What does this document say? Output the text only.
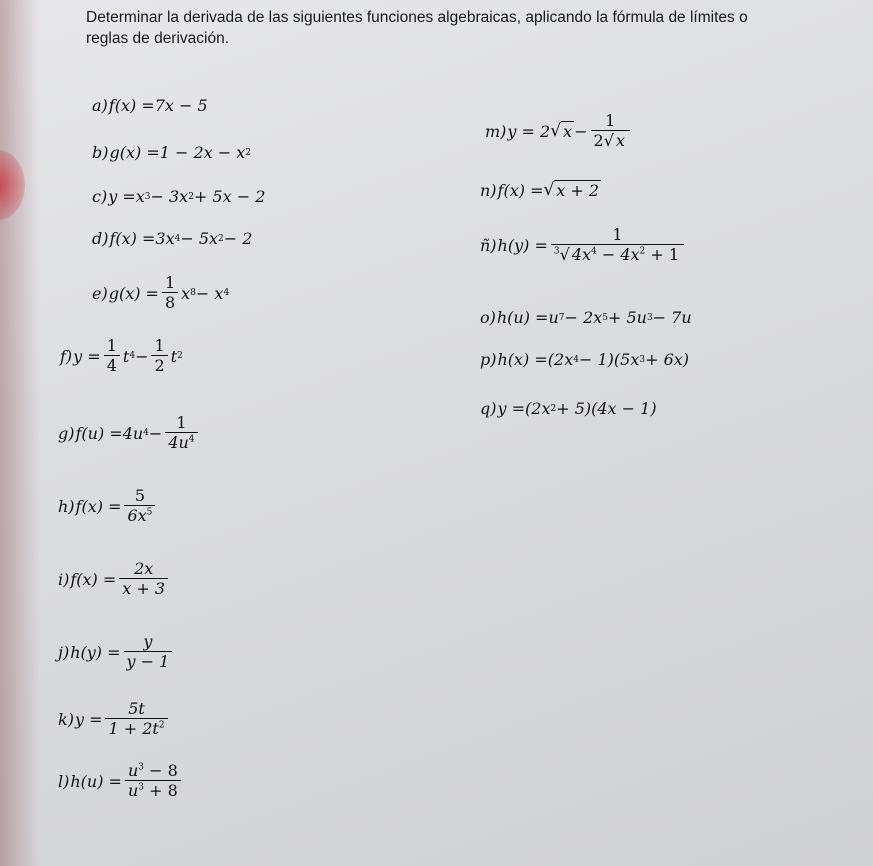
Determinar la derivada de las siguientes funciones algebraicas, aplicando la fórmula de límites o
reglas de derivación.
a) f(x) = 7x − 5
b) g(x) = 1 − 2x − x 2
c) y = x 3 − 3x 2 + 5x − 2
d) f(x) = 3x 4 − 5x 2 − 2
e) $g(x) = \frac{1}{8}$ x 8 − x 4
f) $y = \frac{1}{4}$ t $4 - \frac{1}{2}$ t 2
g) f(u) = 4u $4 - \frac{1}{4u^4}$
h) $f(x) = \frac{5}{6x^5}$
i) $f(x) = \frac{2x}{x + 3}$
j) $h(y) = \frac{y}{y - 1}$
k) $y = \frac{5t}{1 + 2t^2}$
l) $h(u) = \frac{u^3 - 8}{u^3 + 8}$
m) y = 2 √ $x - \frac{1}{2√ x}$
n) f(x) = √ x + 2
ñ) $h(y) = \frac{1}{^3√ 4x^4 - 4x^2 + 1}$
o) h(u) = u 7 − 2x 5 + 5u 3 − 7u
p) h(x) = (2x 4 − 1) (5x 3 + 6x)
q) y = (2x 2 + 5) (4x − 1)
